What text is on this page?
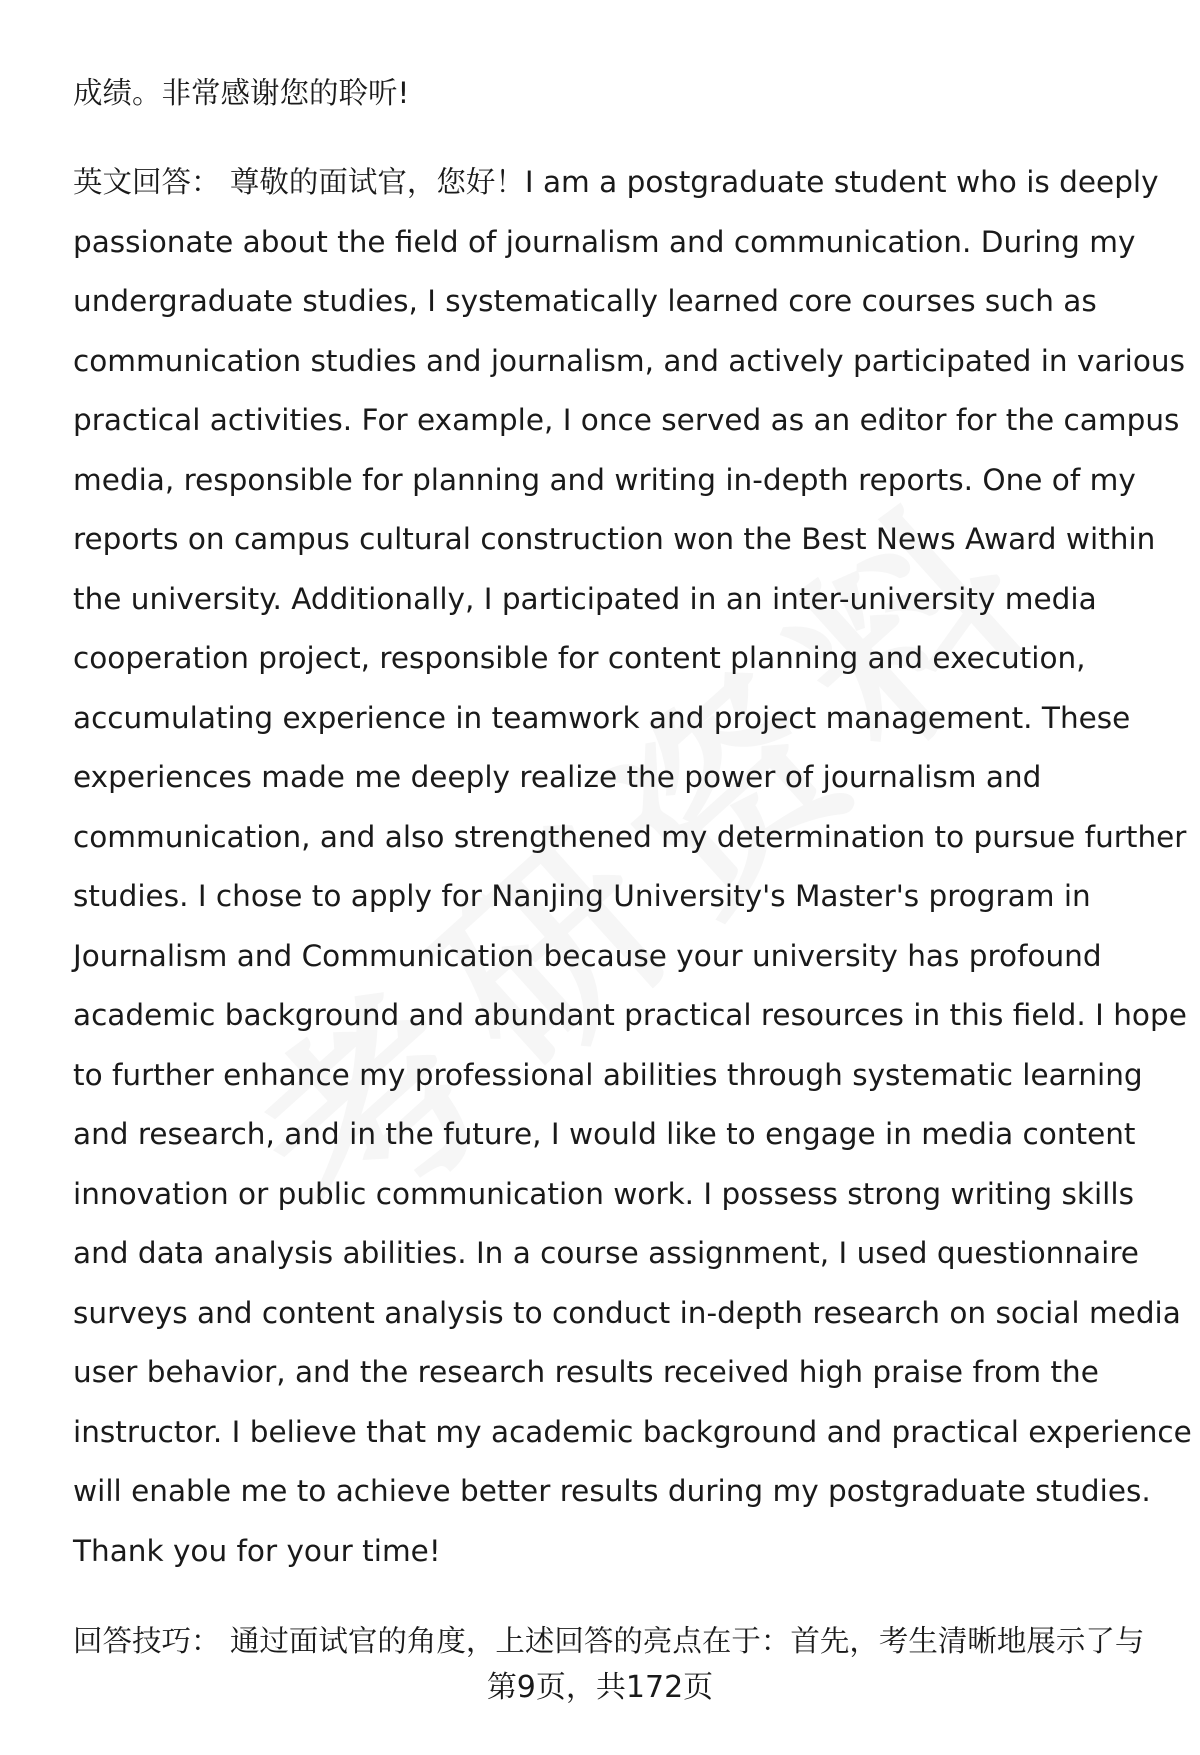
成绩。非常感谢您的聆听!

英文回答： 尊敬的面试官，您好！I am a postgraduate student who is deeply

passionate about the field of journalism and communication. During my

undergraduate studies, I systematically learned core courses such as

communication studies and journalism, and actively participated in various

practical activities. For example, I once served as an editor for the campus

media, responsible for planning and writing in-depth reports. One of my

reports on campus cultural construction won the Best News Award within

the university. Additionally, I participated in an inter-university media

cooperation project, responsible for content planning and execution,

accumulating experience in teamwork and project management. These

experiences made me deeply realize the power of journalism and

communication, and also strengthened my determination to pursue further

studies. I chose to apply for Nanjing University's Master's program in

Journalism and Communication because your university has profound

academic background and abundant practical resources in this field. I hope

to further enhance my professional abilities through systematic learning

and research, and in the future, I would like to engage in media content

innovation or public communication work. I possess strong writing skills

and data analysis abilities. In a course assignment, I used questionnaire

surveys and content analysis to conduct in-depth research on social media

user behavior, and the research results received high praise from the

instructor. I believe that my academic background and practical experience

will enable me to achieve better results during my postgraduate studies.

Thank you for your time!

回答技巧： 通过面试官的角度，上述回答的亮点在于：首先，考生清晰地展示了与

第9页，共172页
